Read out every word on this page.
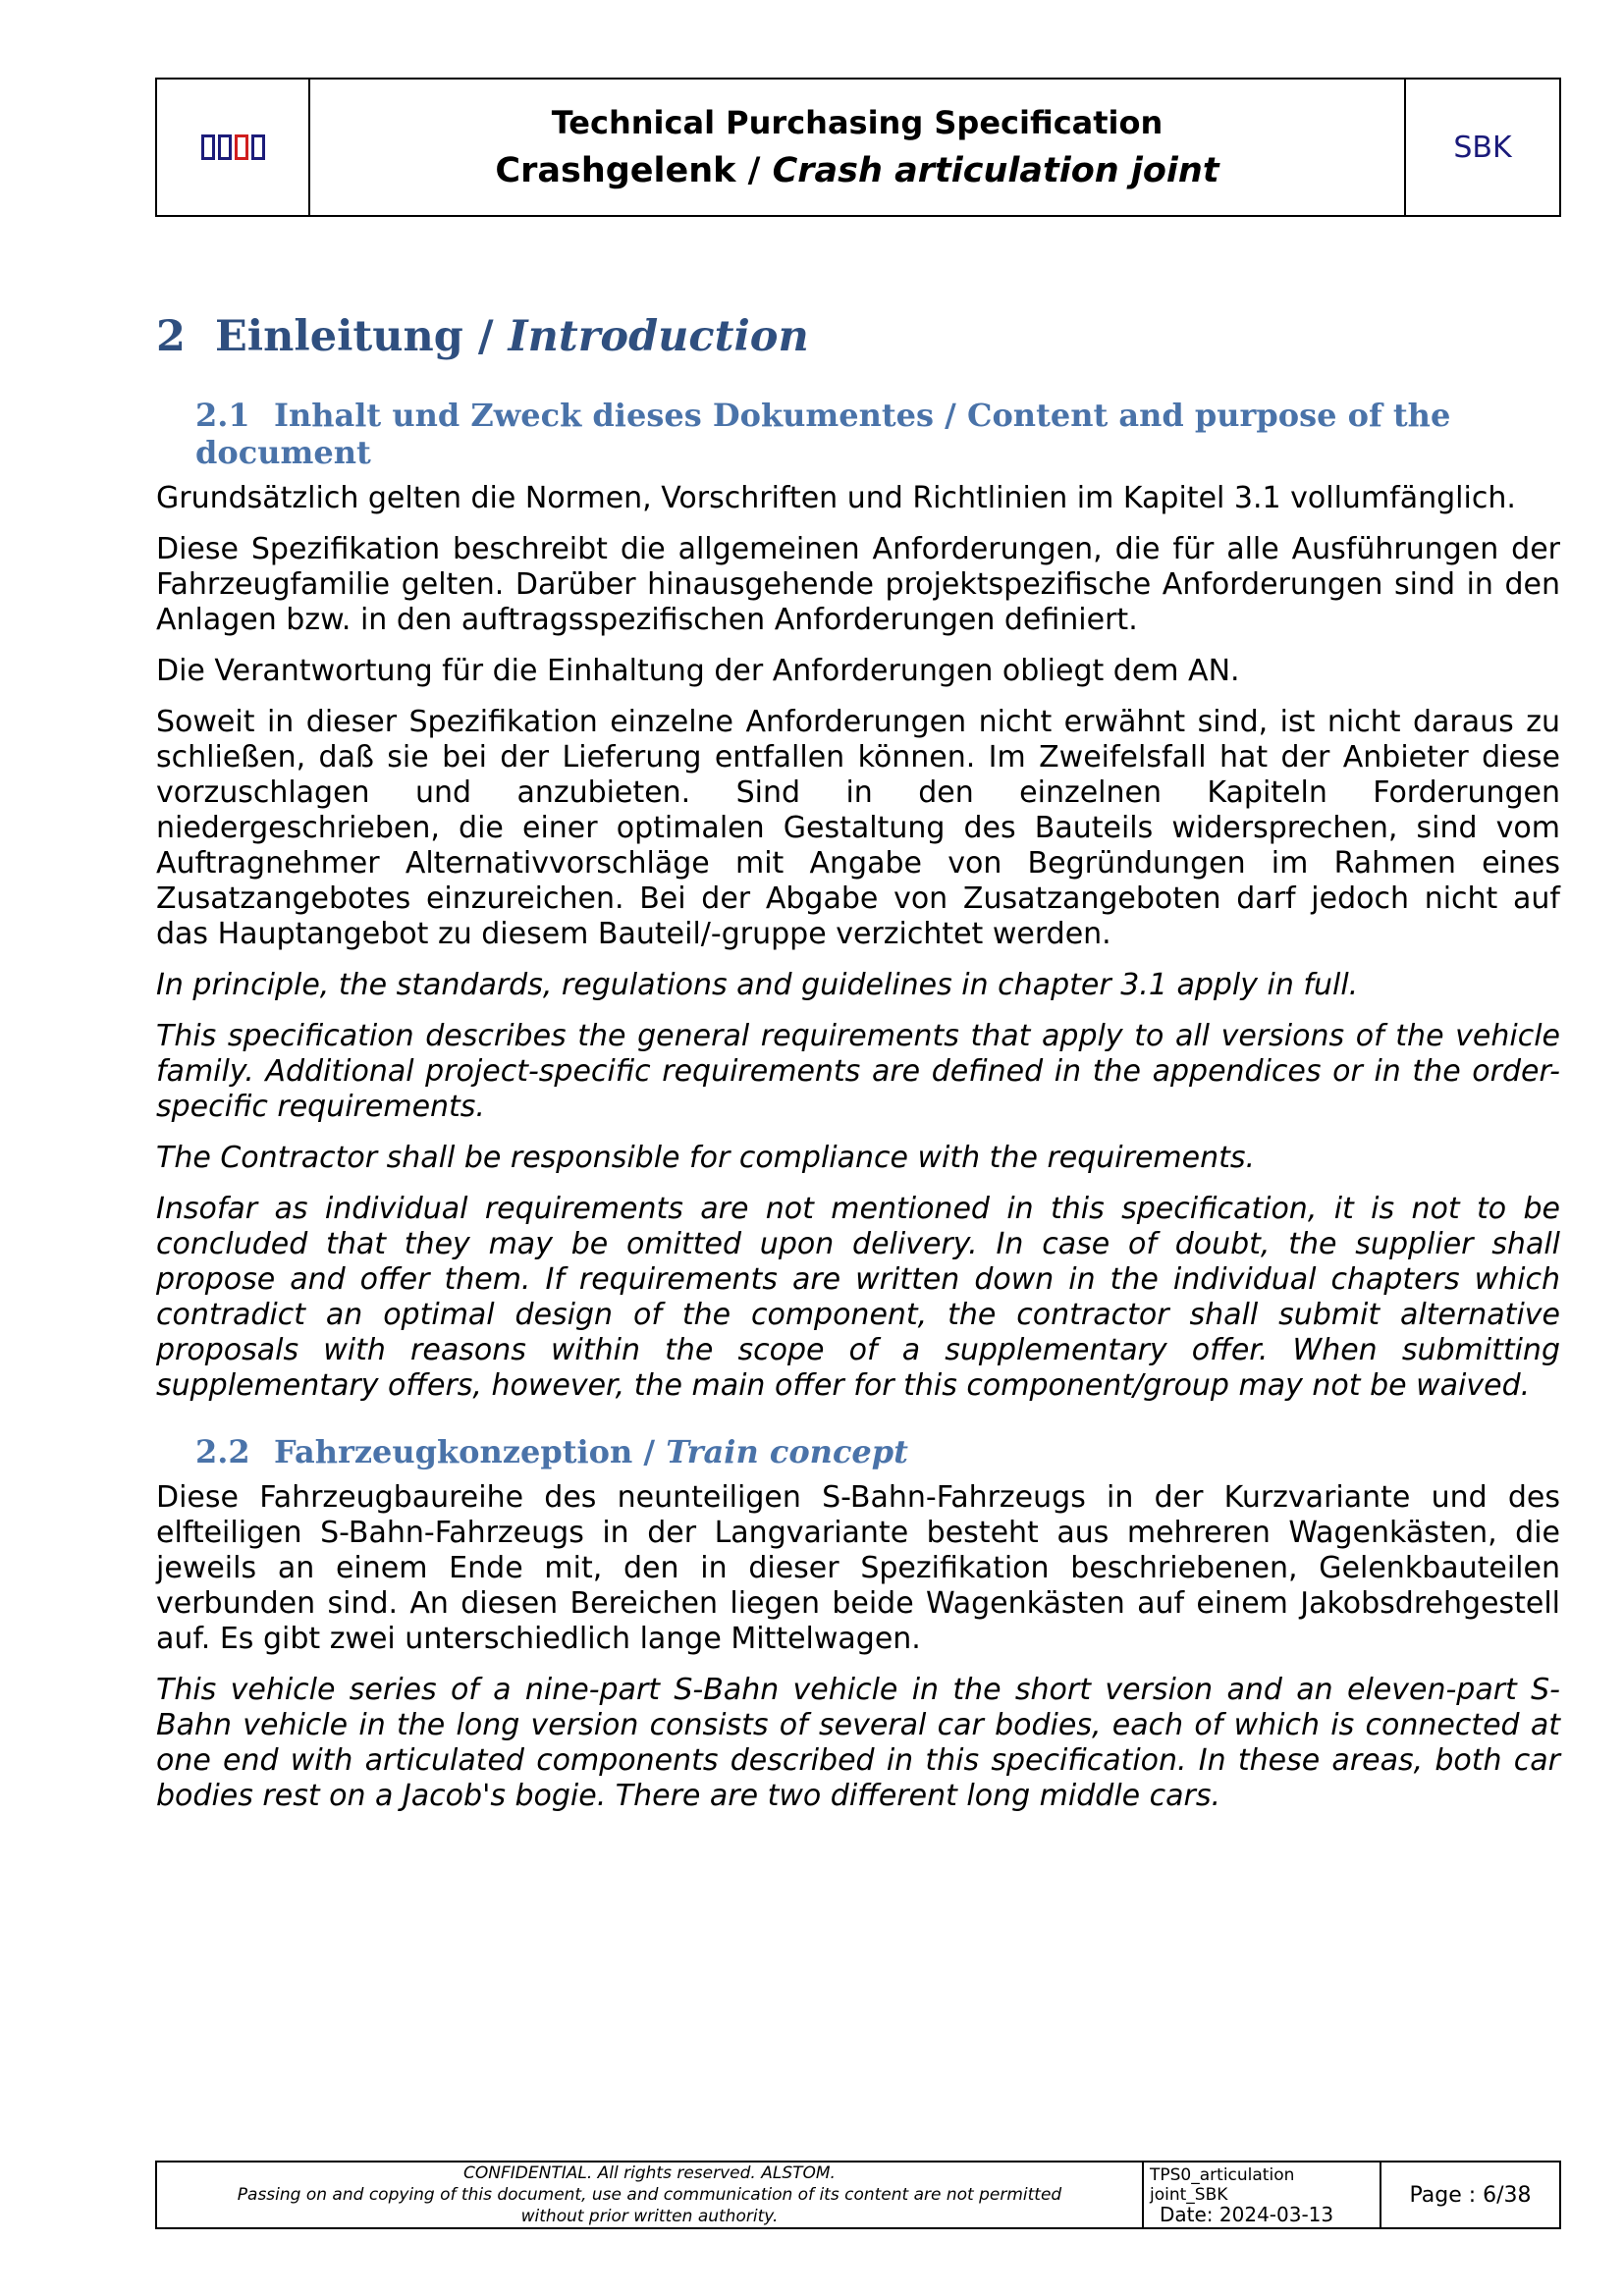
Technical Purchasing Specification
Crashgelenk / Crash articulation joint
SBK
2 Einleitung / Introduction
2.1 Inhalt und Zweck dieses Dokumentes / Content and purpose of the document

Grundsätzlich gelten die Normen, Vorschriften und Richtlinien im Kapitel 3.1 vollumfänglich.

Diese Spezifikation beschreibt die allgemeinen Anforderungen, die für alle Ausführungen der Fahrzeugfamilie gelten. Darüber hinausgehende projektspezifische Anforderungen sind in den Anlagen bzw. in den auftragsspezifischen Anforderungen definiert.

Die Verantwortung für die Einhaltung der Anforderungen obliegt dem AN.

Soweit in dieser Spezifikation einzelne Anforderungen nicht erwähnt sind, ist nicht daraus zu schließen, daß sie bei der Lieferung entfallen können. Im Zweifelsfall hat der Anbieter diese vorzuschlagen und anzubieten. Sind in den einzelnen Kapiteln Forderungen niedergeschrieben, die einer optimalen Gestaltung des Bauteils widersprechen, sind vom Auftragnehmer Alternativvorschläge mit Angabe von Begründungen im Rahmen eines Zusatzangebotes einzureichen. Bei der Abgabe von Zusatzangeboten darf jedoch nicht auf das Hauptangebot zu diesem Bauteil/-gruppe verzichtet werden.

In principle, the standards, regulations and guidelines in chapter 3.1 apply in full.

This specification describes the general requirements that apply to all versions of the vehicle family. Additional project-specific requirements are defined in the appendices or in the order-specific requirements.

The Contractor shall be responsible for compliance with the requirements.

Insofar as individual requirements are not mentioned in this specification, it is not to be concluded that they may be omitted upon delivery. In case of doubt, the supplier shall propose and offer them. If requirements are written down in the individual chapters which contradict an optimal design of the component, the contractor shall submit alternative proposals with reasons within the scope of a supplementary offer. When submitting supplementary offers, however, the main offer for this component/group may not be waived.

2.2 Fahrzeugkonzeption / Train concept

Diese Fahrzeugbaureihe des neunteiligen S-Bahn-Fahrzeugs in der Kurzvariante und des elfteiligen S-Bahn-Fahrzeugs in der Langvariante besteht aus mehreren Wagenkästen, die jeweils an einem Ende mit, den in dieser Spezifikation beschriebenen, Gelenkbauteilen verbunden sind. An diesen Bereichen liegen beide Wagenkästen auf einem Jakobsdrehgestell auf. Es gibt zwei unterschiedlich lange Mittelwagen.

This vehicle series of a nine-part S-Bahn vehicle in the short version and an eleven-part S-Bahn vehicle in the long version consists of several car bodies, each of which is connected at one end with articulated components described in this specification. In these areas, both car bodies rest on a Jacob's bogie. There are two different long middle cars.

CONFIDENTIAL. All rights reserved. ALSTOM.
Passing on and copying of this document, use and communication of its content are not permitted
without prior written authority.
TPS0_articulation
joint_SBK
Date: 2024-03-13
Page : 6/38
